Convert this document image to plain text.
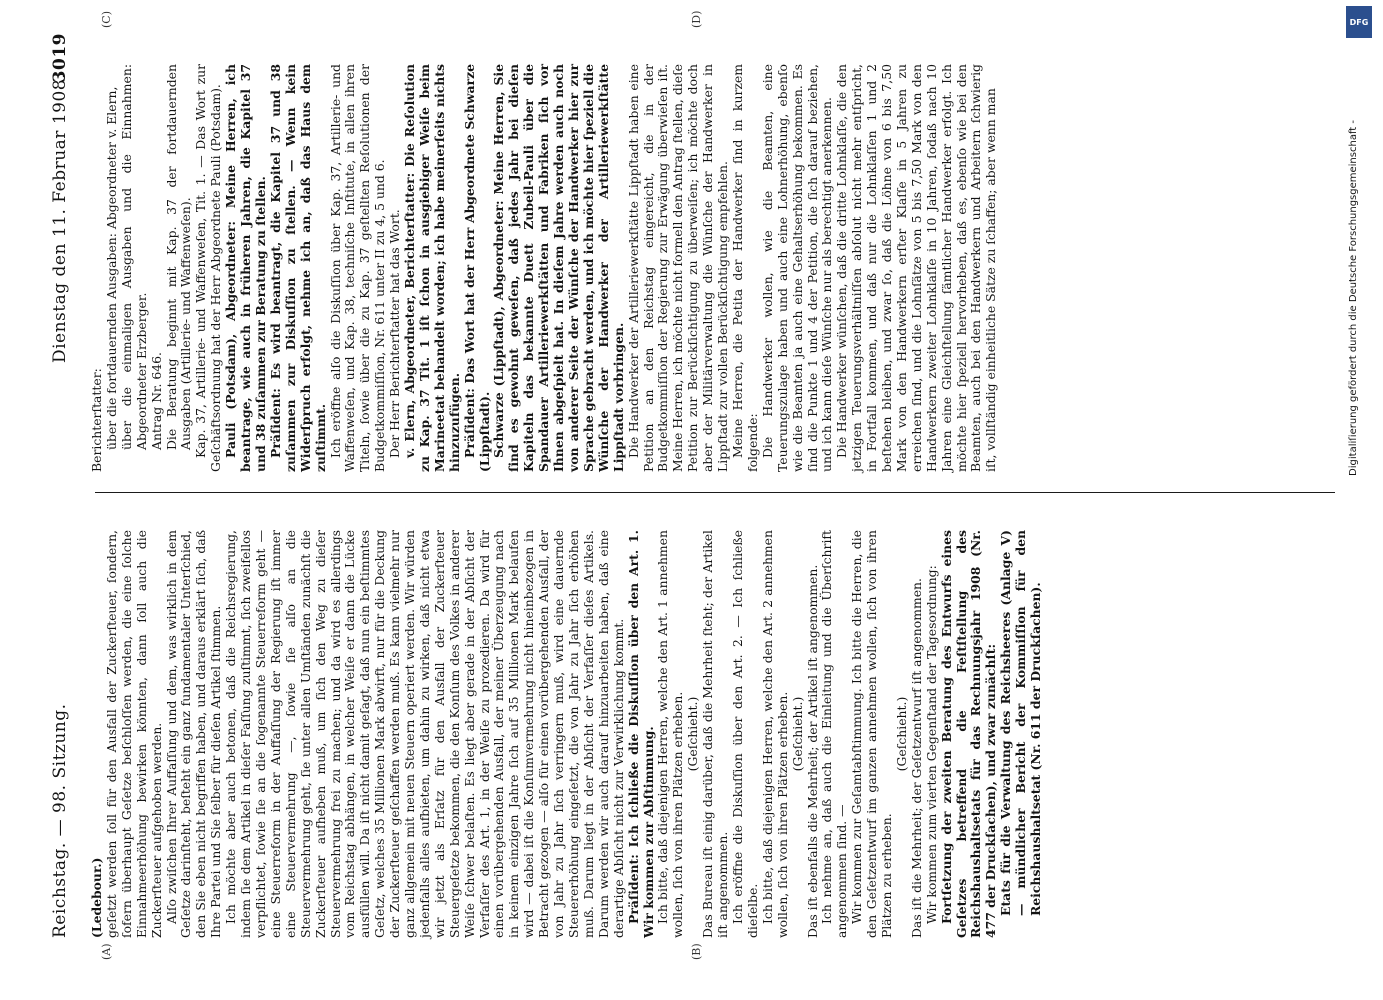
Reichstag. — 98. Sitzung.
Dienstag den 11. Februar 1908.
3019
(A)	(B)
(C)	(D)

(Ledebour.) geſetzt werden ſoll für den Ausfall der Zuckerſteuer, ſondern, ſofern überhaupt Geſetze beſchloſſen werden, die eine ſolche Einnahmeerhöhung bewirken könnten, dann ſoll auch die Zuckerſteuer aufgehoben werden. Alſo zwiſchen Ihrer Auffaſſung und dem, was wirklich in dem Geſetze darinſteht, beſteht ein ganz fundamentaler Unterſchied, den Sie eben nicht begriffen haben, und daraus erklärt ſich, daß Ihre Partei und Sie ſelber für dieſen Artikel ſtimmen. Ich möchte aber auch betonen, daß die Reichsregierung, indem ſie dem Artikel in dieſer Faſſung zuſtimmt, ſich zweifellos verpflichtet, ſowie ſie an die ſogenannte Steuerreform geht — eine Steuerreform in der Auffaſſung der Regierung iſt immer eine Steuervermehrung —, ſowie ſie alſo an die Steuervermehrung geht, ſie unter allen Umſtänden zunächſt die Zuckerſteuer aufheben muß, um ſich den Weg zu dieſer Steuervermehrung frei zu machen; und da wird es allerdings vom Reichstag abhängen, in welcher Weiſe er dann die Lücke ausfüllen will. Da iſt nicht damit geſagt, daß nun ein beſtimmtes Geſetz, welches 35 Millionen Mark abwirft, nur für die Deckung der Zuckerſteuer geſchaffen werden muß. Es kann vielmehr nur ganz allgemein mit neuen Steuern operiert werden. Wir würden jedenfalls alles aufbieten, um dahin zu wirken, daß nicht etwa wir jetzt als Erſatz für den Ausfall der Zuckerſteuer Steuergeſetze bekommen, die den Konſum des Volkes in anderer Weiſe ſchwer belaſten. Es liegt aber gerade in der Abſicht der Verfaſſer des Art. 1, in der Weiſe zu prozedieren. Da wird für einen vorübergehenden Ausfall, der meiner Überzeugung nach in keinem einzigen Jahre ſich auf 35 Millionen Mark belaufen wird — dabei iſt die Konſumvermehrung nicht hineinbezogen in Betracht gezogen — alſo für einen vorübergehenden Ausfall, der von Jahr zu Jahr ſich verringern muß, wird eine dauernde Steuererhöhung eingeſetzt, die von Jahr zu Jahr ſich erhöhen muß. Darum liegt in der Abſicht der Verfaſſer dieſes Artikels. Darum werden wir auch darauf hinzuarbeiten haben, daß eine derartige Abſicht nicht zur Verwirklichung kommt. Präſident: Ich ſchließe die Diskuſſion über den Art. 1. Wir kommen zur Abſtimmung. Ich bitte, daß diejenigen Herren, welche den Art. 1 annehmen wollen, ſich von ihren Plätzen erheben. (Geſchieht.) Das Bureau iſt einig darüber, daß die Mehrheit ſteht; der Artikel iſt angenommen. Ich eröffne die Diskuſſion über den Art. 2. — Ich ſchließe dieſelbe. Ich bitte, daß diejenigen Herren, welche den Art. 2 annehmen wollen, ſich von ihren Plätzen erheben. (Geſchieht.) Das iſt ebenfalls die Mehrheit; der Artikel iſt angenommen. Ich nehme an, daß auch die Einleitung und die Überſchrift angenommen ſind. — Wir kommen zur Geſamtabſtimmung. Ich bitte die Herren, die den Geſetzentwurf im ganzen annehmen wollen, ſich von ihren Plätzen zu erheben.

(Geſchieht.) Das iſt die Mehrheit; der Geſetzentwurf iſt angenommen. Wir kommen zum vierten Gegenſtand der Tagesordnung: Fortſetzung der zweiten Beratung des Entwurfs eines Geſetzes betreffend die Feſtſtellung des Reichshaushaltsetats für das Rechnungsjahr 1908 (Nr. 477 der Druckſachen), und zwar zunächſt: Etats für die Verwaltung des Reichsheeres (Anlage V) — mündlicher Bericht der Kommiſſion für den Reichshaushaltsetat (Nr. 611 der Druckſachen).

Berichterſtatter: über die fortdauernden Ausgaben: Abgeordneter v. Elern, über die einmaligen Ausgaben und die Einnahmen: Abgeordneter Erzberger. Antrag Nr. 646. Die Beratung beginnt mit Kap. 37 der fortdauernden Ausgaben (Artillerie- und Waffenweſen). Kap. 37, Artillerie- und Waffenweſen, Tit. 1. — Das Wort zur Geſchäftsordnung hat der Herr Abgeordnete Pauli (Potsdam). Pauli (Potsdam), Abgeordneter: Meine Herren, ich beantrage, wie auch in früheren Jahren, die Kapitel 37 und 38 zuſammen zur Beratung zu ſtellen. Präſident: Es wird beantragt, die Kapitel 37 und 38 zuſammen zur Diskuſſion zu ſtellen. — Wenn kein Widerſpruch erfolgt, nehme ich an, daß das Haus dem zuſtimmt. Ich eröffne alſo die Diskuſſion über Kap. 37, Artillerie- und Waffenweſen, und Kap. 38, techniſche Inſtitute, in allen ihren Titeln, ſowie über die zu Kap. 37 geſtellten Reſolutionen der Budgetkommiſſion, Nr. 611 unter II zu 4, 5 und 6. Der Herr Berichterſtatter hat das Wort. v. Elern, Abgeordneter, Berichterſtatter: Die Reſolution zu Kap. 37 Tit. 1 iſt ſchon in ausgiebiger Weiſe beim Marineetat behandelt worden; ich habe meinerſeits nichts hinzuzufügen. Präſident: Das Wort hat der Herr Abgeordnete Schwarze (Lippſtadt). Schwarze (Lippſtadt), Abgeordneter: Meine Herren, Sie ſind es gewohnt geweſen, daß jedes Jahr bei dieſen Kapiteln das bekannte Duett Zubeil-Pauli über die Spandauer Artilleriewerkſtätten und Fabriken ſich vor Ihnen abgeſpielt hat. In dieſem Jahre werden auch noch von anderer Seite der Wünſche der Handwerker hier zur Sprache gebracht werden, und ich möchte hier ſpeziell die Wünſche der Handwerker der Artilleriewerkſtätte Lippſtadt vorbringen. Die Handwerker der Artilleriewerkſtätte Lippſtadt haben eine Petition an den Reichstag eingereicht, die in der Budgetkommiſſion der Regierung zur Erwägung überwieſen iſt. Meine Herren, ich möchte nicht formell den Antrag ſtellen, dieſe Petition zur Berückſichtigung zu überweiſen; ich möchte doch aber der Militärverwaltung die Wünſche der Handwerker in Lippſtadt zur vollen Berückſichtigung empfehlen. Meine Herren, die Petita der Handwerker ſind in kurzem folgende: Die Handwerker wollen, wie die Beamten, eine Teuerungszulage haben und auch eine Lohnerhöhung, ebenſo wie die Beamten ja auch eine Gehaltserhöhung bekommen. Es ſind die Punkte 1 und 4 der Petition, die ſich darauf beziehen, und ich kann dieſe Wünſche nur als berechtigt anerkennen. Die Handwerker wünſchen, daß die dritte Lohnklaſſe, die den jetzigen Teuerungsverhältniſſen abſolut nicht mehr entſpricht, in Fortfall kommen, und daß nur die Lohnklaſſen 1 und 2 beſtehen bleiben, und zwar ſo, daß die Löhne von 6 bis 7,50 Mark von den Handwerkern erſter Klaſſe in 5 Jahren zu erreichen ſind, und die Lohnſätze von 5 bis 7,50 Mark von den Handwerkern zweiter Lohnklaſſe in 10 Jahren, ſodaß nach 10 Jahren eine Gleichſtellung ſämtlicher Handwerker erfolgt. Ich möchte hier ſpeziell hervorheben, daß es, ebenſo wie bei den Beamten, auch bei den Handwerkern und Arbeitern ſchwierig iſt, vollſtändig einheitliche Sätze zu ſchaffen; aber wenn man	Digitaliſierung gefördert durch die Deutsche Forschungsgemeinschaft -
DFG
